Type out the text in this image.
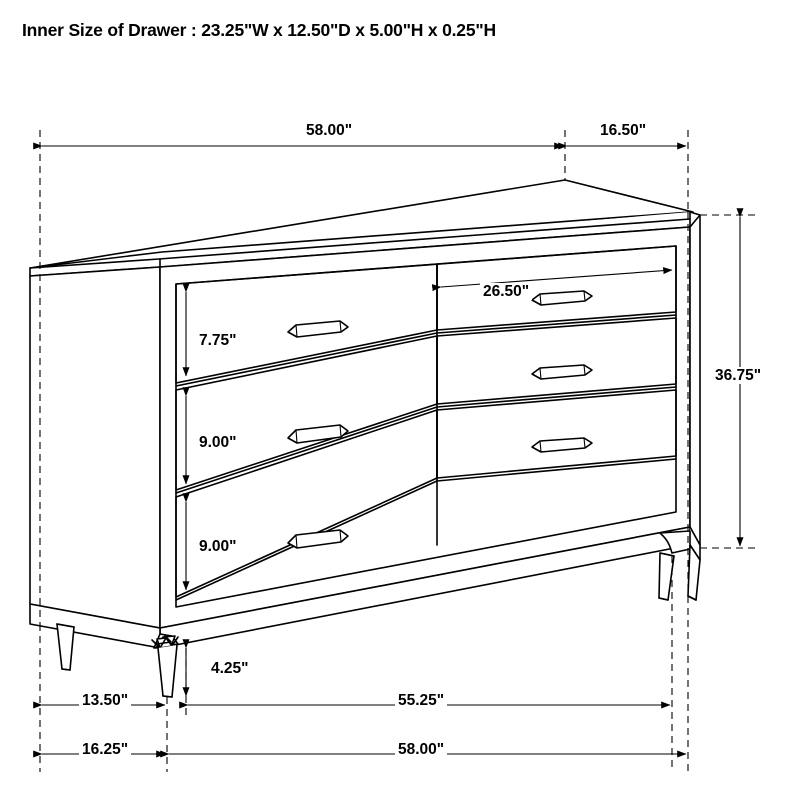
Inner Size of Drawer : 23.25"W x 12.50"D x 5.00"H x 0.25"H
58.00"	16.50"
26.50"
36.75"
7.75"
9.00"
9.00"
4.25"
13.50"	55.25"
16.25"	58.00"
